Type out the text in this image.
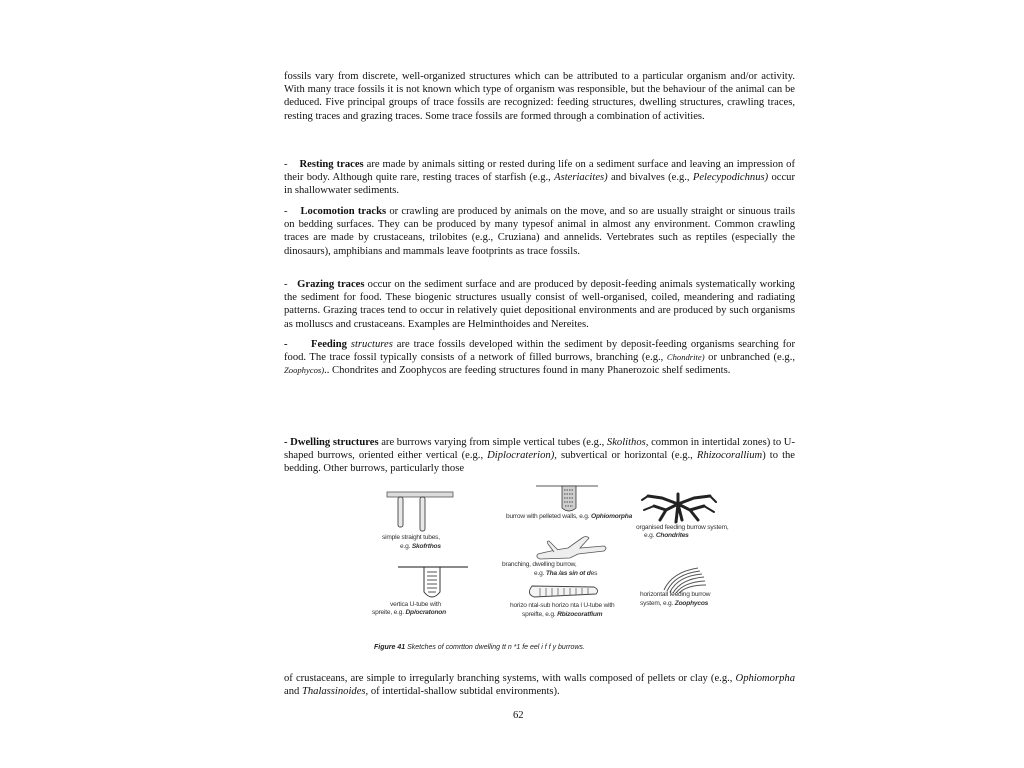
fossils vary from discrete, well-organized structures which can be attributed to a particular organism and/or activity. With many trace fossils it is not known which type of organism was responsible, but the behaviour of the animal can be deduced. Five principal groups of trace fossils are recognized: feeding structures, dwelling structures, crawling traces, resting traces and grazing traces. Some trace fossils are formed through a combination of activities.

- Resting traces are made by animals sitting or rested during life on a sediment surface and leaving an impression of their body. Although quite rare, resting traces of starfish (e.g., Asteriacites) and bivalves (e.g., Pelecypodichnus) occur in shallowwater sediments.

- Locomotion tracks or crawling are produced by animals on the move, and so are usually straight or sinuous trails on bedding surfaces. They can be produced by many typesof animal in almost any environment. Common crawling traces are made by crustaceans, trilobites (e.g., Cruziana) and annelids. Vertebrates such as reptiles (especially the dinosaurs), amphibians and mammals leave footprints as trace fossils.

- Grazing traces occur on the sediment surface and are produced by deposit-feeding animals systematically working the sediment for food. These biogenic structures usually consist of well-organised, coiled, meandering and radiating patterns. Grazing traces tend to occur in relatively quiet depositional environments and are produced by such organisms as molluscs and crustaceans. Examples are Helminthoides and Nereites.

- Feeding structures are trace fossils developed within the sediment by deposit-feeding organisms searching for food. The trace fossil typically consists of a network of filled burrows, branching (e.g., Chondrite) or unbranched (e.g., Zoophycos).. Chondrites and Zoophycos are feeding structures found in many Phanerozoic shelf sediments.

- Dwelling structures are burrows varying from simple vertical tubes (e.g., Skolithos, common in intertidal zones) to U-shaped burrows, oriented either vertical (e.g., Diplocraterion), subvertical or horizontal (e.g., Rhizocorallium) to the bedding. Other burrows, particularly those

simple straight tubes,
e.g. Skofrthos
burrow with pelleted walls, e.g. Ophiomorpha
organised feeding burrow system,
e.g. Chondrites
branching, dwelling burrow,
e.g. Tha /as sin ot des
vertica U-tube with
spreite, e.g. Dp/ocratonon
horizo ntal-sub horizo nta l U-tube with
spreifte, e.g. Rbizocoratfium
horizontall feeding burrow
system, e.g. Zoophycos
Figure 41 Sketches of comrtton dwelling tt n *1 fe eel i f f y burrows.

of crustaceans, are simple to irregularly branching systems, with walls composed of pellets or clay (e.g., Ophiomorpha and Thalassinoides, of intertidal-shallow subtidal environments).

62
